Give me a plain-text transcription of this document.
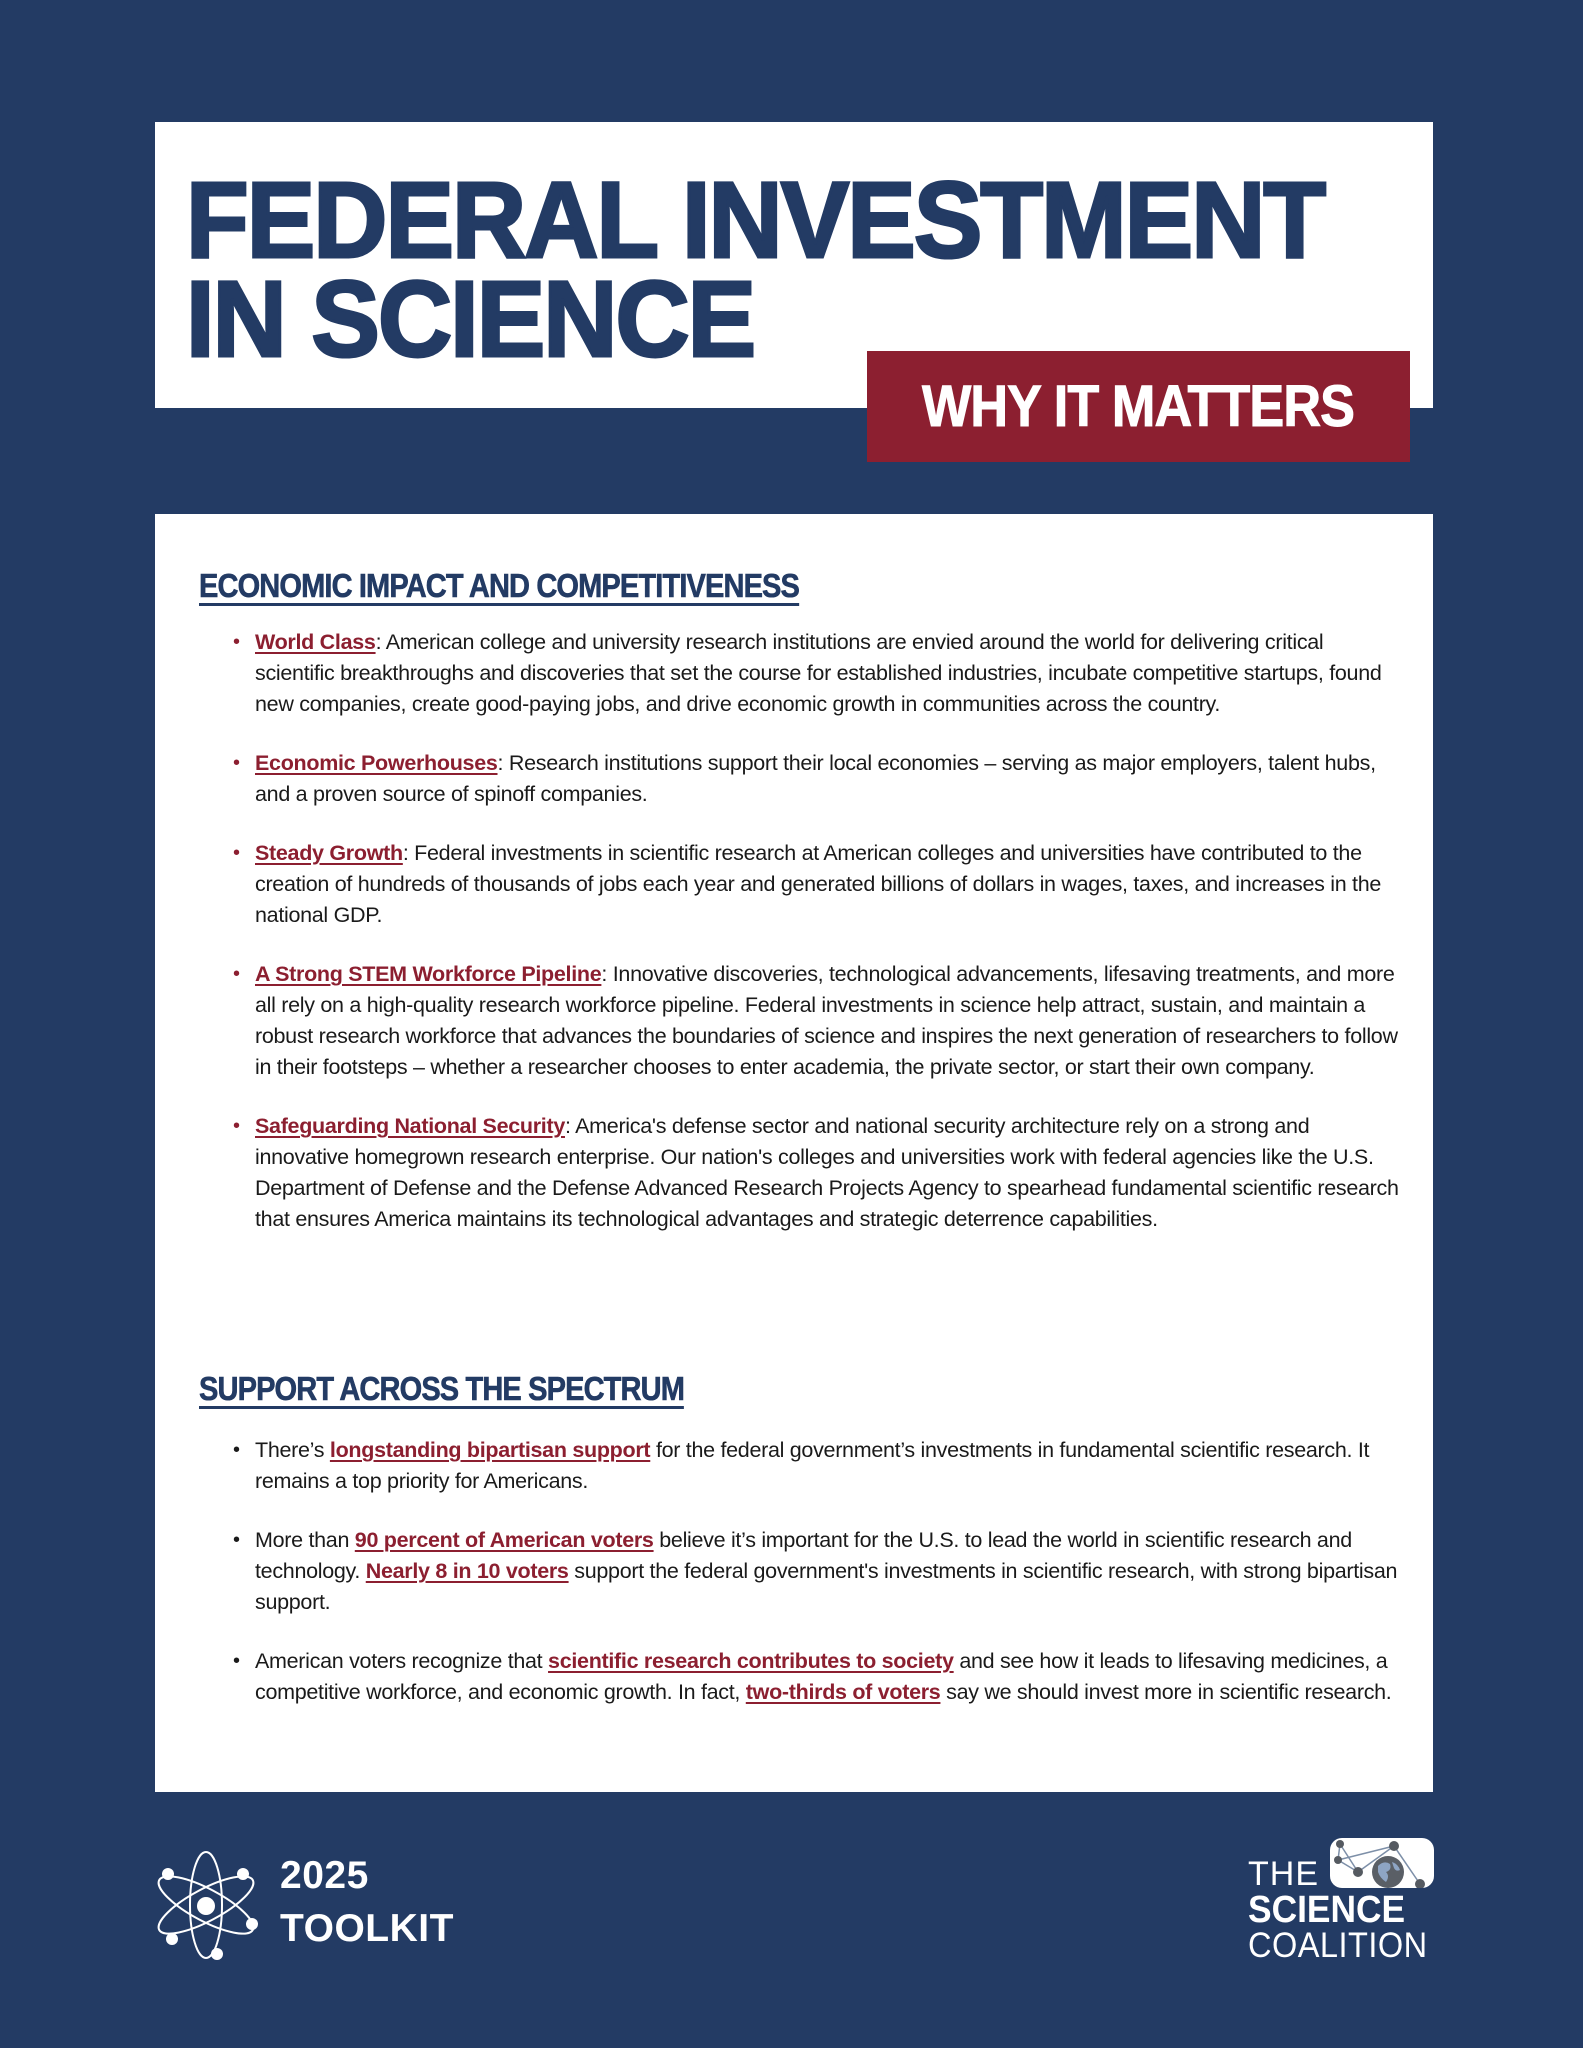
FEDERAL INVESTMENT
IN SCIENCE
WHY IT MATTERS
ECONOMIC IMPACT AND COMPETITIVENESS
• World Class: American college and university research institutions are envied around the world for delivering critical scientific breakthroughs and discoveries that set the course for established industries, incubate competitive startups, found new companies, create good-paying jobs, and drive economic growth in communities across the country.
• Economic Powerhouses: Research institutions support their local economies – serving as major employers, talent hubs, and a proven source of spinoff companies.
• Steady Growth: Federal investments in scientific research at American colleges and universities have contributed to the creation of hundreds of thousands of jobs each year and generated billions of dollars in wages, taxes, and increases in the national GDP.
• A Strong STEM Workforce Pipeline: Innovative discoveries, technological advancements, lifesaving treatments, and more all rely on a high-quality research workforce pipeline. Federal investments in science help attract, sustain, and maintain a robust research workforce that advances the boundaries of science and inspires the next generation of researchers to follow in their footsteps – whether a researcher chooses to enter academia, the private sector, or start their own company.
• Safeguarding National Security: America's defense sector and national security architecture rely on a strong and innovative homegrown research enterprise. Our nation's colleges and universities work with federal agencies like the U.S. Department of Defense and the Defense Advanced Research Projects Agency to spearhead fundamental scientific research that ensures America maintains its technological advantages and strategic deterrence capabilities.
SUPPORT ACROSS THE SPECTRUM
• There’s longstanding bipartisan support for the federal government’s investments in fundamental scientific research. It remains a top priority for Americans.
• More than 90 percent of American voters believe it’s important for the U.S. to lead the world in scientific research and technology. Nearly 8 in 10 voters support the federal government's investments in scientific research, with strong bipartisan support.
• American voters recognize that scientific research contributes to society and see how it leads to lifesaving medicines, a competitive workforce, and economic growth. In fact, two-thirds of voters say we should invest more in scientific research.
2025
TOOLKIT
THE
SCIENCE
COALITION
